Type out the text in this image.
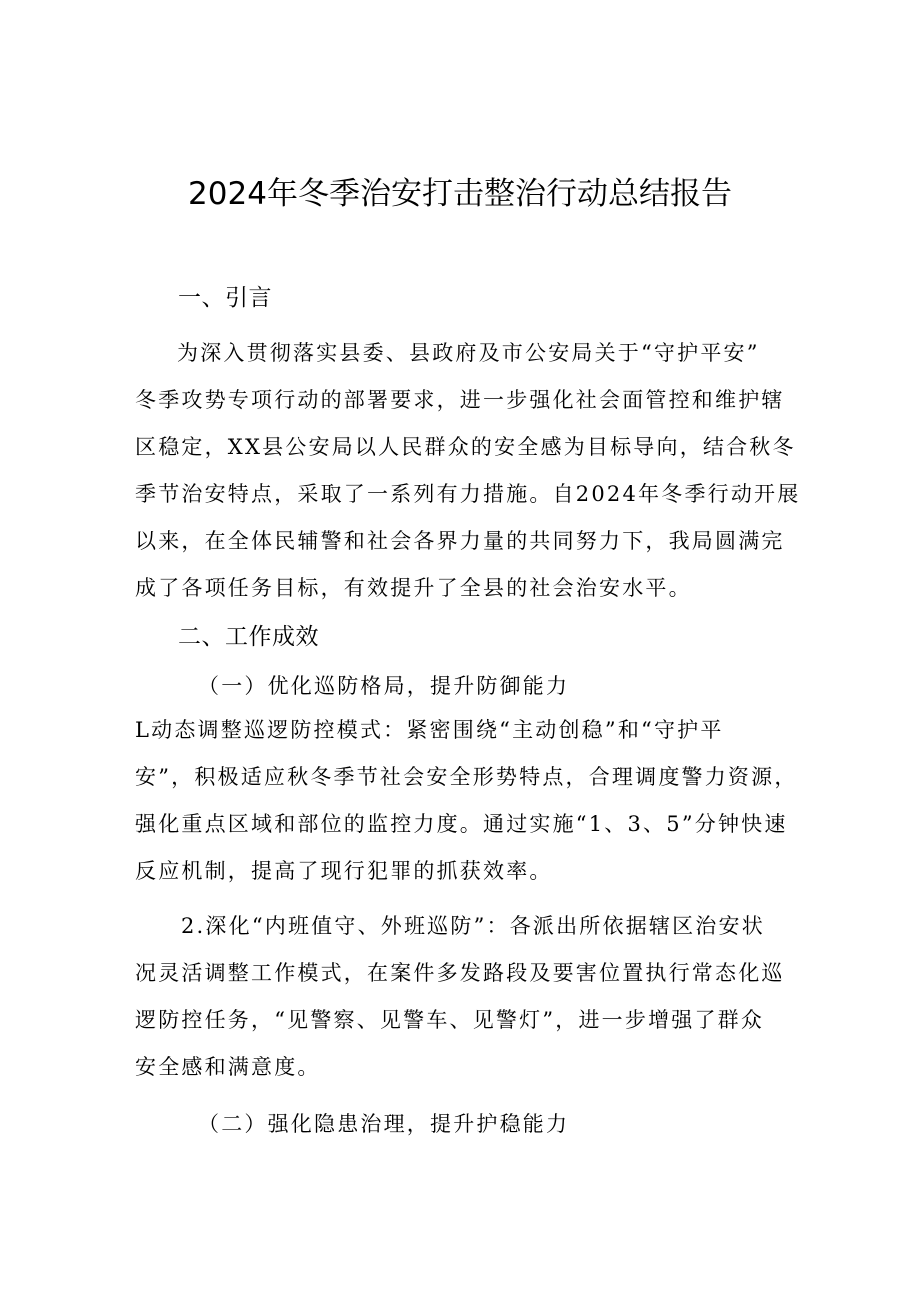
2024年冬季治安打击整治行动总结报告
一、引言
为深入贯彻落实县委、县政府及市公安局关于“守护平安”
冬季攻势专项行动的部署要求，进一步强化社会面管控和维护辖
区稳定，XX县公安局以人民群众的安全感为目标导向，结合秋冬
季节治安特点，采取了一系列有力措施。自2024年冬季行动开展
以来，在全体民辅警和社会各界力量的共同努力下，我局圆满完
成了各项任务目标，有效提升了全县的社会治安水平。
二、工作成效
（一）优化巡防格局，提升防御能力
L动态调整巡逻防控模式：紧密围绕“主动创稳”和“守护平
安”，积极适应秋冬季节社会安全形势特点，合理调度警力资源，
强化重点区域和部位的监控力度。通过实施“1、3、5”分钟快速
反应机制，提高了现行犯罪的抓获效率。
2.深化“内班值守、外班巡防”：各派出所依据辖区治安状
况灵活调整工作模式，在案件多发路段及要害位置执行常态化巡
逻防控任务，“见警察、见警车、见警灯”，进一步增强了群众
安全感和满意度。
（二）强化隐患治理，提升护稳能力
